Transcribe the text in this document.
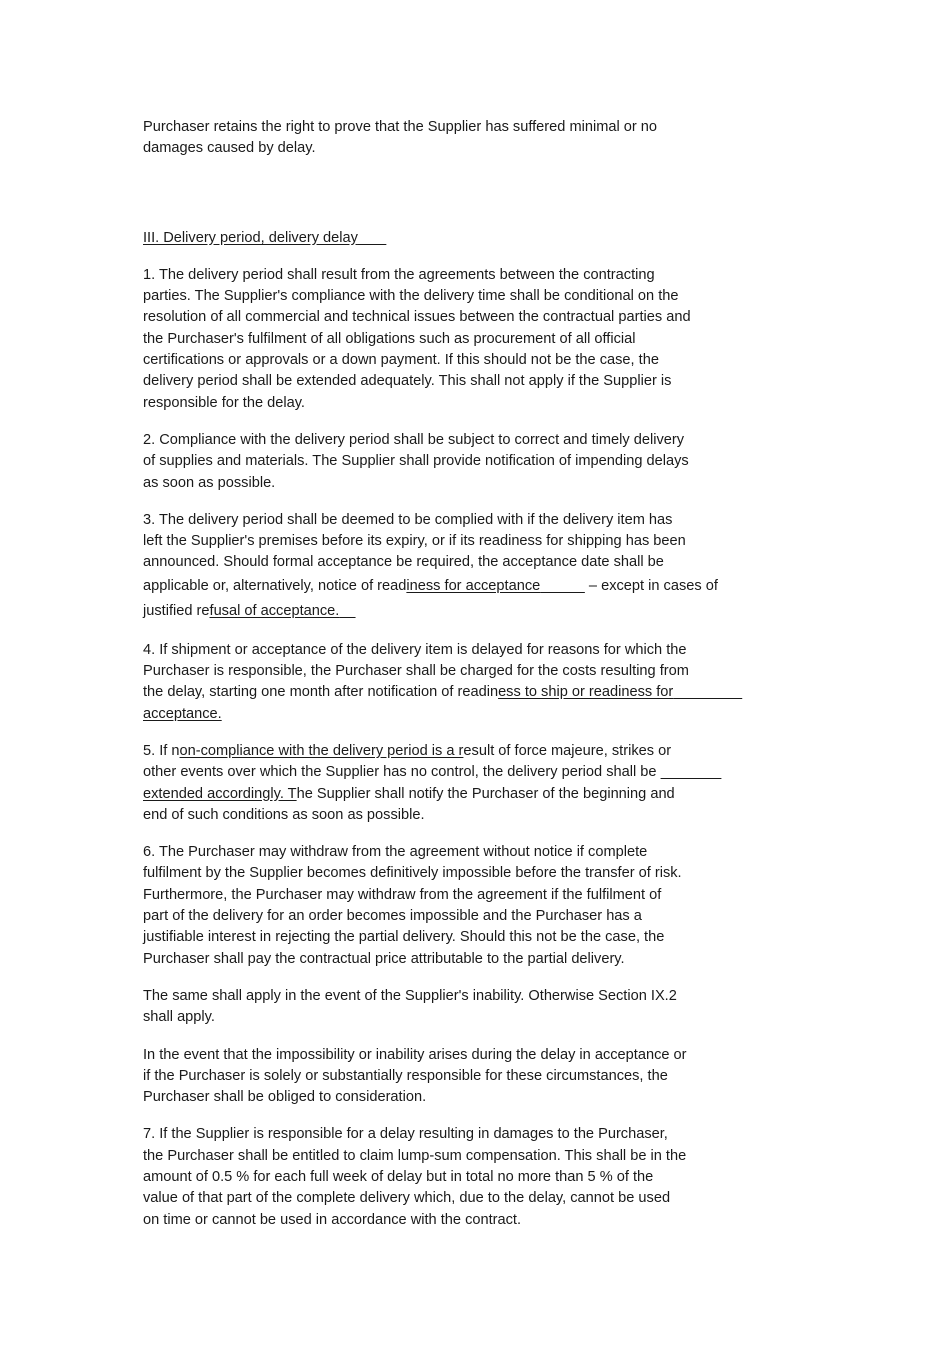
Purchaser retains the right to prove that the Supplier has suffered minimal or no
damages caused by delay.

III. Delivery period, delivery delay

1. The delivery period shall result from the agreements between the contracting
parties. The Supplier's compliance with the delivery time shall be conditional on the
resolution of all commercial and technical issues between the contractual parties and
the Purchaser's fulfilment of all obligations such as procurement of all official
certifications or approvals or a down payment. If this should not be the case, the
delivery period shall be extended adequately. This shall not apply if the Supplier is
responsible for the delay.

2. Compliance with the delivery period shall be subject to correct and timely delivery
of supplies and materials. The Supplier shall provide notification of impending delays
as soon as possible.

3. The delivery period shall be deemed to be complied with if the delivery item has
left the Supplier's premises before its expiry, or if its readiness for shipping has been
announced. Should formal acceptance be required, the acceptance date shall be
applicable or, alternatively, notice of readiness for acceptance	– except in cases of
justified refusal of acceptance.

4. If shipment or acceptance of the delivery item is delayed for reasons for which the
Purchaser is responsible, the Purchaser shall be charged for the costs resulting from
the delay, starting one month after notification of readiness to ship or readiness for
acceptance.

5. If non-compliance with the delivery period is a result of force majeure, strikes or
other events over which the Supplier has no control, the delivery period shall be
extended accordingly. The Supplier shall notify the Purchaser of the beginning and
end of such conditions as soon as possible.

6. The Purchaser may withdraw from the agreement without notice if complete
fulfilment by the Supplier becomes definitively impossible before the transfer of risk.
Furthermore, the Purchaser may withdraw from the agreement if the fulfilment of
part of the delivery for an order becomes impossible and the Purchaser has a
justifiable interest in rejecting the partial delivery. Should this not be the case, the
Purchaser shall pay the contractual price attributable to the partial delivery.

The same shall apply in the event of the Supplier's inability. Otherwise Section IX.2
shall apply.

In the event that the impossibility or inability arises during the delay in acceptance or
if the Purchaser is solely or substantially responsible for these circumstances, the
Purchaser shall be obliged to consideration.

7. If the Supplier is responsible for a delay resulting in damages to the Purchaser,
the Purchaser shall be entitled to claim lump-sum compensation. This shall be in the
amount of 0.5 % for each full week of delay but in total no more than 5 % of the
value of that part of the complete delivery which, due to the delay, cannot be used
on time or cannot be used in accordance with the contract.
